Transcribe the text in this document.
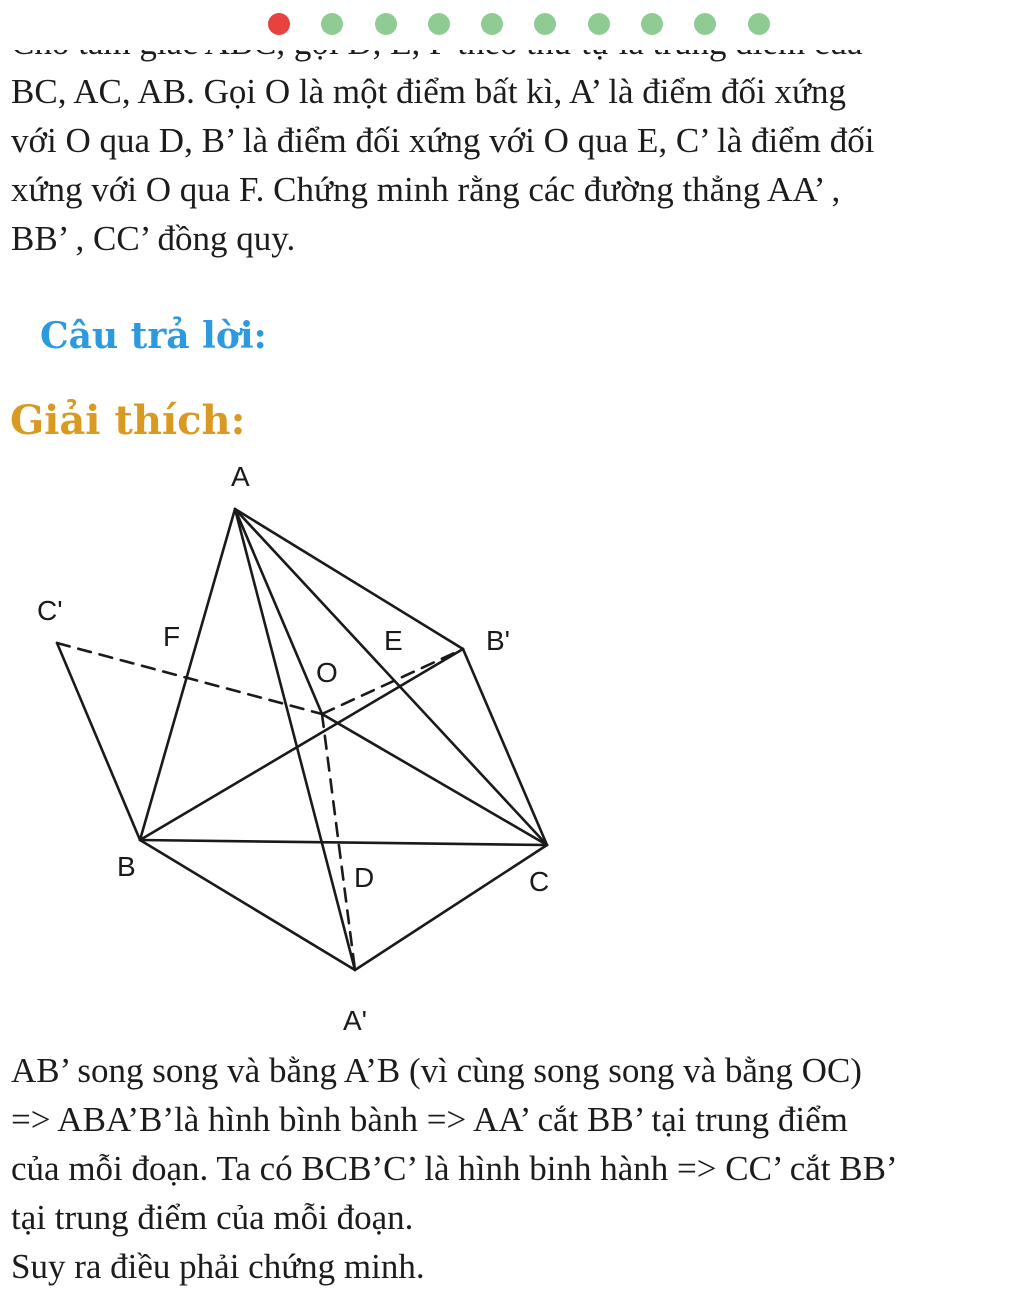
BC, AC, AB. Gọi O là một điểm bất kì, A’ là điểm đối xứng

với O qua D, B’ là điểm đối xứng với O qua E, C’ là điểm đối

xứng với O qua F. Chứng minh rằng các đường thẳng AA’ ,

BB’ , CC’ đồng quy.

Câu trả lời:
Giải thích:
A
C'
F	E	B'
O
B	D	C
A'

AB’ song song và bằng A’B (vì cùng song song và bằng OC)

=> ABA’B’là hình bình bành => AA’ cắt BB’ tại trung điểm

của mỗi đoạn. Ta có BCB’C’ là hình binh hành => CC’ cắt BB’

tại trung điểm của mỗi đoạn.

Suy ra điều phải chứng minh.
